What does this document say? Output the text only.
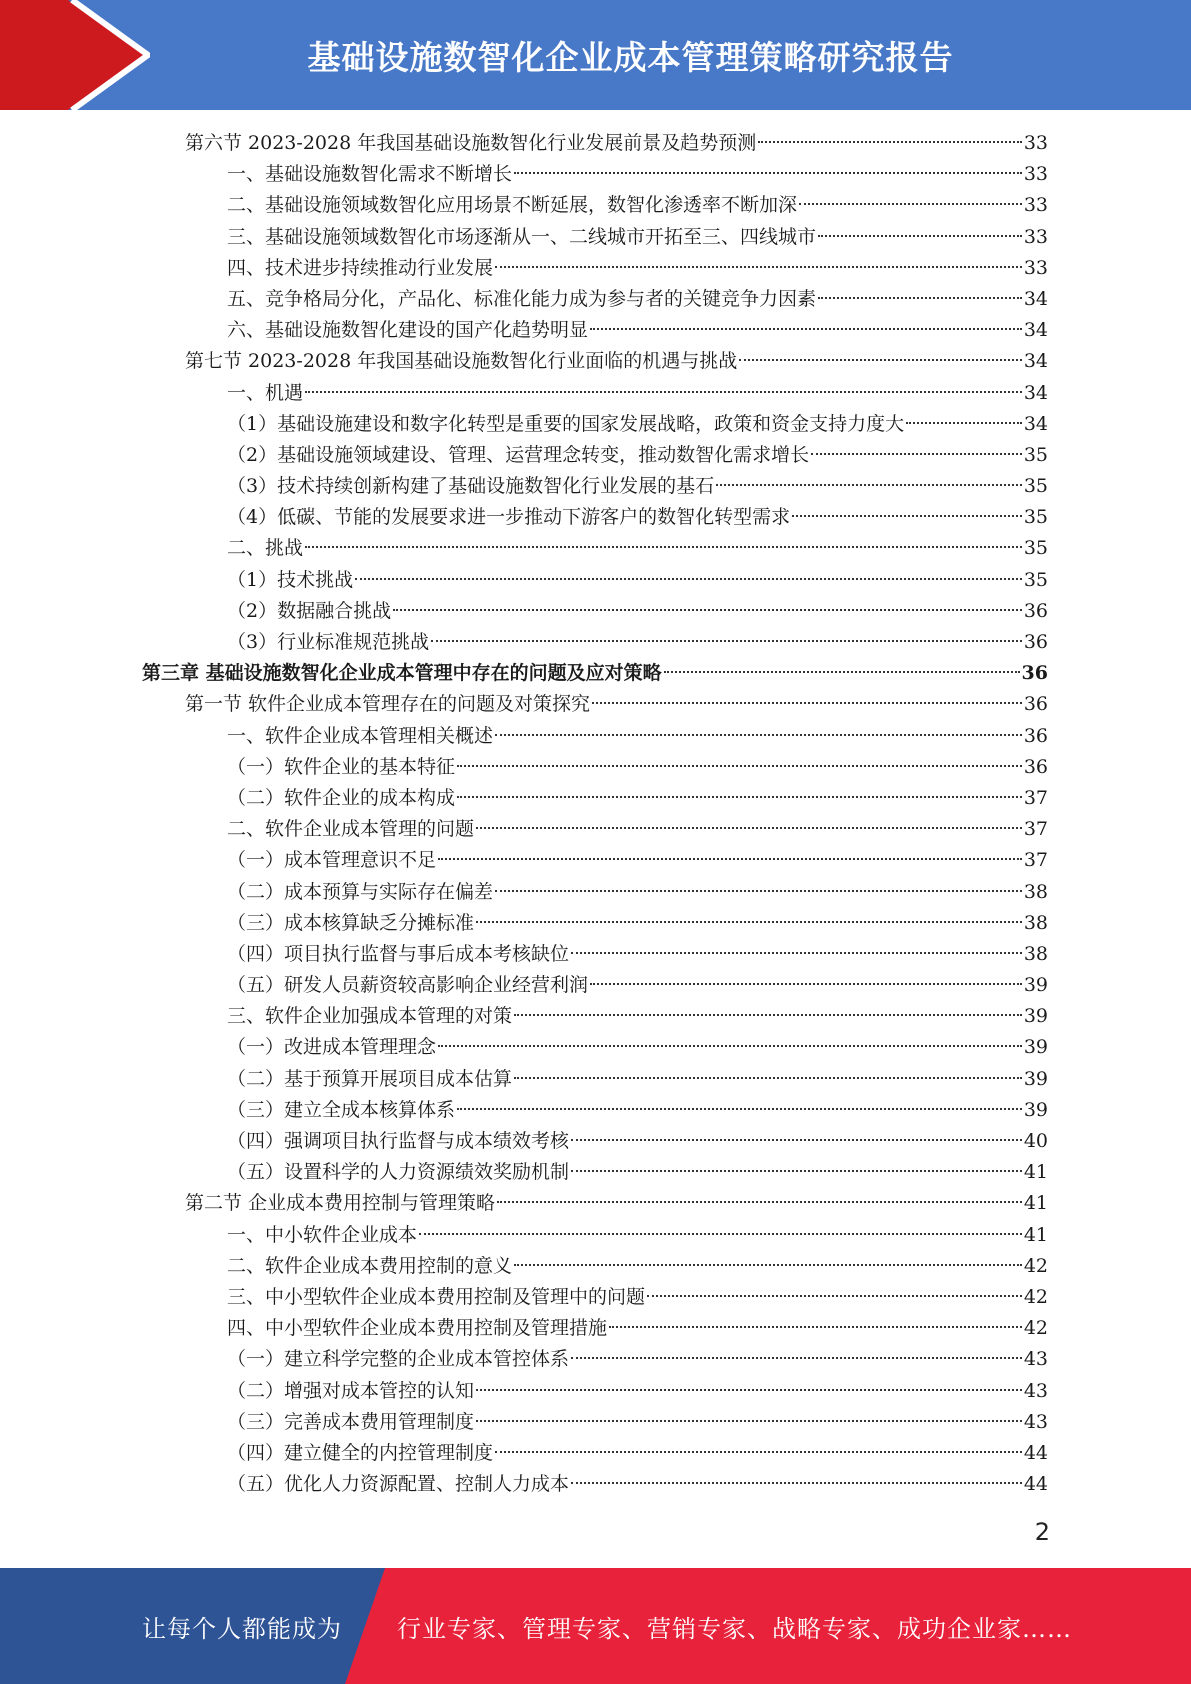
基础设施数智化企业成本管理策略研究报告
第六节 2023-2028 年我国基础设施数智化行业发展前景及趋势预测	33
一、基础设施数智化需求不断增长	33
二、基础设施领域数智化应用场景不断延展，数智化渗透率不断加深	33
三、基础设施领域数智化市场逐渐从一、二线城市开拓至三、四线城市	33
四、技术进步持续推动行业发展	33
五、竞争格局分化，产品化、标准化能力成为参与者的关键竞争力因素	34
六、基础设施数智化建设的国产化趋势明显	34
第七节 2023-2028 年我国基础设施数智化行业面临的机遇与挑战	34
一、机遇	34
（1）基础设施建设和数字化转型是重要的国家发展战略，政策和资金支持力度大	34
（2）基础设施领域建设、管理、运营理念转变，推动数智化需求增长	35
（3）技术持续创新构建了基础设施数智化行业发展的基石	35
（4）低碳、节能的发展要求进一步推动下游客户的数智化转型需求	35
二、挑战	35
（1）技术挑战	35
（2）数据融合挑战	36
（3）行业标准规范挑战	36
第三章 基础设施数智化企业成本管理中存在的问题及应对策略	36
第一节 软件企业成本管理存在的问题及对策探究	36
一、软件企业成本管理相关概述	36
（一）软件企业的基本特征	36
（二）软件企业的成本构成	37
二、软件企业成本管理的问题	37
（一）成本管理意识不足	37
（二）成本预算与实际存在偏差	38
（三）成本核算缺乏分摊标准	38
（四）项目执行监督与事后成本考核缺位	38
（五）研发人员薪资较高影响企业经营利润	39
三、软件企业加强成本管理的对策	39
（一）改进成本管理理念	39
（二）基于预算开展项目成本估算	39
（三）建立全成本核算体系	39
（四）强调项目执行监督与成本绩效考核	40
（五）设置科学的人力资源绩效奖励机制	41
第二节 企业成本费用控制与管理策略	41
一、中小软件企业成本	41
二、软件企业成本费用控制的意义	42
三、中小型软件企业成本费用控制及管理中的问题	42
四、中小型软件企业成本费用控制及管理措施	42
（一）建立科学完整的企业成本管控体系	43
（二）增强对成本管控的认知	43
（三）完善成本费用管理制度	43
（四）建立健全的内控管理制度	44
（五）优化人力资源配置、控制人力成本	44
2
让每个人都能成为	行业专家、管理专家、营销专家、战略专家、成功企业家……
